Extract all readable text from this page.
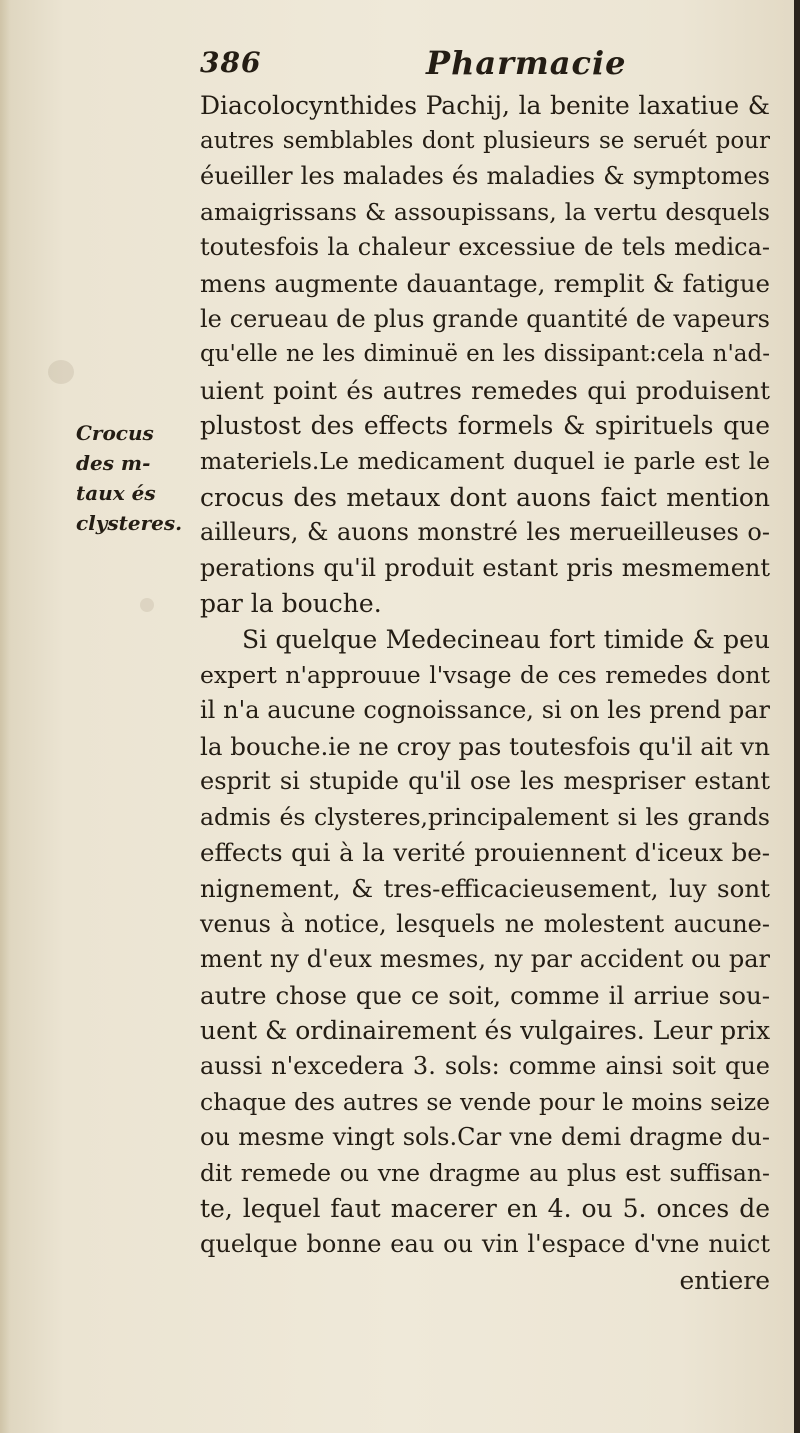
386	Pharmacie
Crocus
des m-
taux és
clysteres.
Diacolocynthides Pachij, la benite laxatiue &
autres semblables dont plusieurs se seruét pour
éueiller les malades és maladies & symptomes
amaigrissans & assoupissans, la vertu desquels
toutesfois la chaleur excessiue de tels medica-
mens augmente dauantage, remplit & fatigue
le cerueau de plus grande quantité de vapeurs
qu'elle ne les diminuë en les dissipant:cela n'ad-
uient point és autres remedes qui produisent
plustost des effects formels & spirituels que
materiels.Le medicament duquel ie parle est le
crocus des metaux dont auons faict mention
ailleurs, & auons monstré les merueilleuses o-
perations qu'il produit estant pris mesmement
par la bouche.
Si quelque Medecineau fort timide & peu
expert n'approuue l'vsage de ces remedes dont
il n'a aucune cognoissance, si on les prend par
la bouche.ie ne croy pas toutesfois qu'il ait vn
esprit si stupide qu'il ose les mespriser estant
admis és clysteres,principalement si les grands
effects qui à la verité prouiennent d'iceux be-
nignement, & tres-efficacieusement, luy sont
venus à notice, lesquels ne molestent aucune-
ment ny d'eux mesmes, ny par accident ou par
autre chose que ce soit, comme il arriue sou-
uent & ordinairement és vulgaires. Leur prix
aussi n'excedera 3. sols: comme ainsi soit que
chaque des autres se vende pour le moins seize
ou mesme vingt sols.Car vne demi dragme du-
dit remede ou vne dragme au plus est suffisan-
te, lequel faut macerer en 4. ou 5. onces de
quelque bonne eau ou vin l'espace d'vne nuict
entiere
